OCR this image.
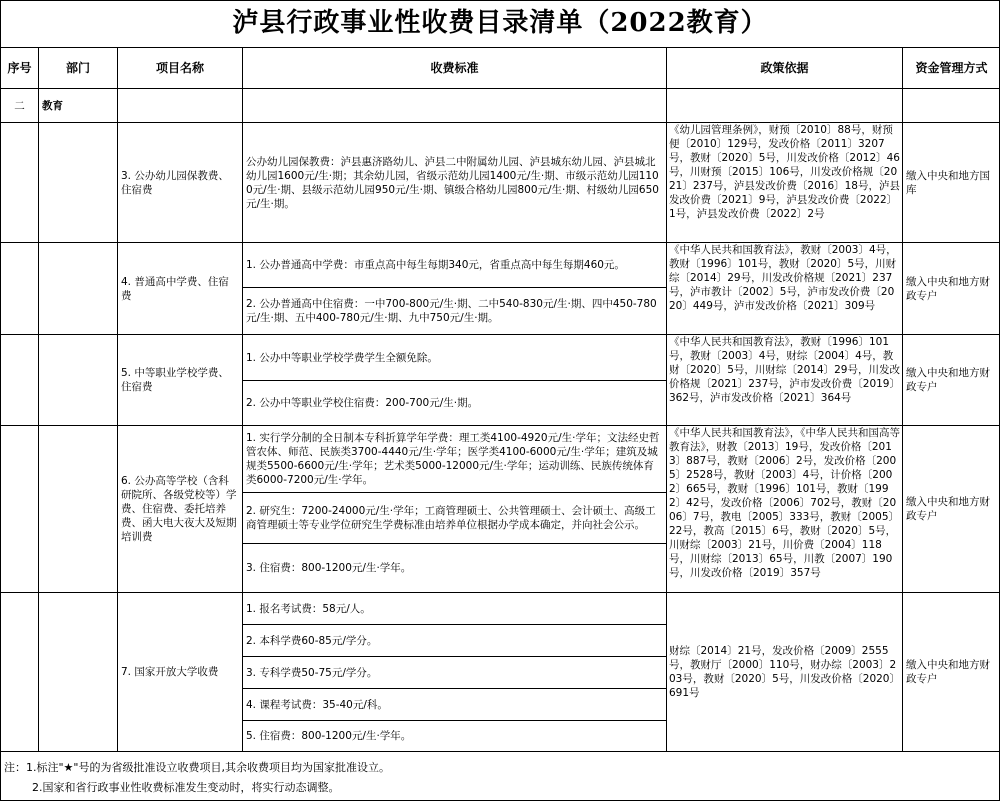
泸县行政事业性收费目录清单（2022教育）
序号	部门	项目名称	收费标准	政策依据	资金管理方式
二	教育				
		3. 公办幼儿园保教费、住宿费	公办幼儿园保教费：泸县惠济路幼儿、泸县二中附属幼儿园、泸县城东幼儿园、泸县城北幼儿园1600元/生·期；其余幼儿园，省级示范幼儿园1400元/生·期、市级示范幼儿园1100元/生·期、县级示范幼儿园950元/生·期、镇级合格幼儿园800元/生·期、村级幼儿园650元/生·期。	《幼儿园管理条例》，财预〔2010〕88号，财预便〔2010〕129号，发改价格〔2011〕3207号，教财〔2020〕5号，川发改价格〔2012〕46号，川财预〔2015〕106号，川发改价格规〔2021〕237号，泸县发改价费〔2016〕18号，泸县发改价费〔2021〕9号，泸县发改价费〔2022〕1号，泸县发改价费〔2022〕2号	缴入中央和地方国库
		4. 普通高中学费、住宿费	1. 公办普通高中学费：市重点高中每生每期340元，省重点高中每生每期460元。	《中华人民共和国教育法》，教财〔2003〕4号，教财〔1996〕101号，教财〔2020〕5号，川财综〔2014〕29号，川发改价格规〔2021〕237号，泸市教计〔2002〕5号，泸市发改价费〔2020〕449号，泸市发改价格〔2021〕309号	缴入中央和地方财政专户
			2. 公办普通高中住宿费：一中700-800元/生·期、二中540-830元/生·期、四中450-780元/生·期、五中400-780元/生·期、九中750元/生·期。		
		5. 中等职业学校学费、住宿费	1. 公办中等职业学校学费学生全额免除。	《中华人民共和国教育法》，教财〔1996〕101号，教财〔2003〕4号，财综〔2004〕4号，教财〔2020〕5号，川财综〔2014〕29号，川发改价格规〔2021〕237号，泸市发改价费〔2019〕362号，泸市发改价格〔2021〕364号	缴入中央和地方财政专户
			2. 公办中等职业学校住宿费：200-700元/生·期。		
		6. 公办高等学校（含科研院所、各级党校等）学费、住宿费、委托培养费、函大电大夜大及短期培训费	1. 实行学分制的全日制本专科折算学年学费：理工类4100-4920元/生·学年；文法经史哲管农体、师范、民族类3700-4440元/生·学年；医学类4100-6000元/生·学年；建筑及城规类5500-6600元/生·学年；艺术类5000-12000元/生·学年；运动训练、民族传统体育类6000-7200元/生·学年。	《中华人民共和国教育法》，《中华人民共和国高等教育法》，财教〔2013〕19号，发改价格〔2013〕887号，教财〔2006〕2号，发改价格〔2005〕2528号，教财〔2003〕4号，计价格〔2002〕665号，教财〔1996〕101号，教财〔1992〕42号，发改价格〔2006〕702号，教财〔2006〕7号，教电〔2005〕333号，教财〔2005〕22号，教高〔2015〕6号，教财〔2020〕5号，川财综〔2003〕21号，川价费〔2004〕118号，川财综〔2013〕65号，川教〔2007〕190号，川发改价格〔2019〕357号	缴入中央和地方财政专户
			2. 研究生：7200-24000元/生·学年；工商管理硕士、公共管理硕士、会计硕士、高级工商管理硕士等专业学位研究生学费标准由培养单位根据办学成本确定，并向社会公示。		
			3. 住宿费：800-1200元/生·学年。		
		7. 国家开放大学收费	1. 报名考试费：58元/人。	财综〔2014〕21号，发改价格〔2009〕2555号，教财厅〔2000〕110号，财办综〔2003〕203号，教财〔2020〕5号，川发改价格〔2020〕691号	缴入中央和地方财政专户
			2. 本科学费60-85元/学分。		
			3. 专科学费50-75元/学分。		
			4. 课程考试费：35-40元/科。		
			5. 住宿费：800-1200元/生·学年。		
注：1.标注"★"号的为省级批准设立收费项目,其余收费项目均为国家批准设立。
2.国家和省行政事业性收费标准发生变动时，将实行动态调整。
